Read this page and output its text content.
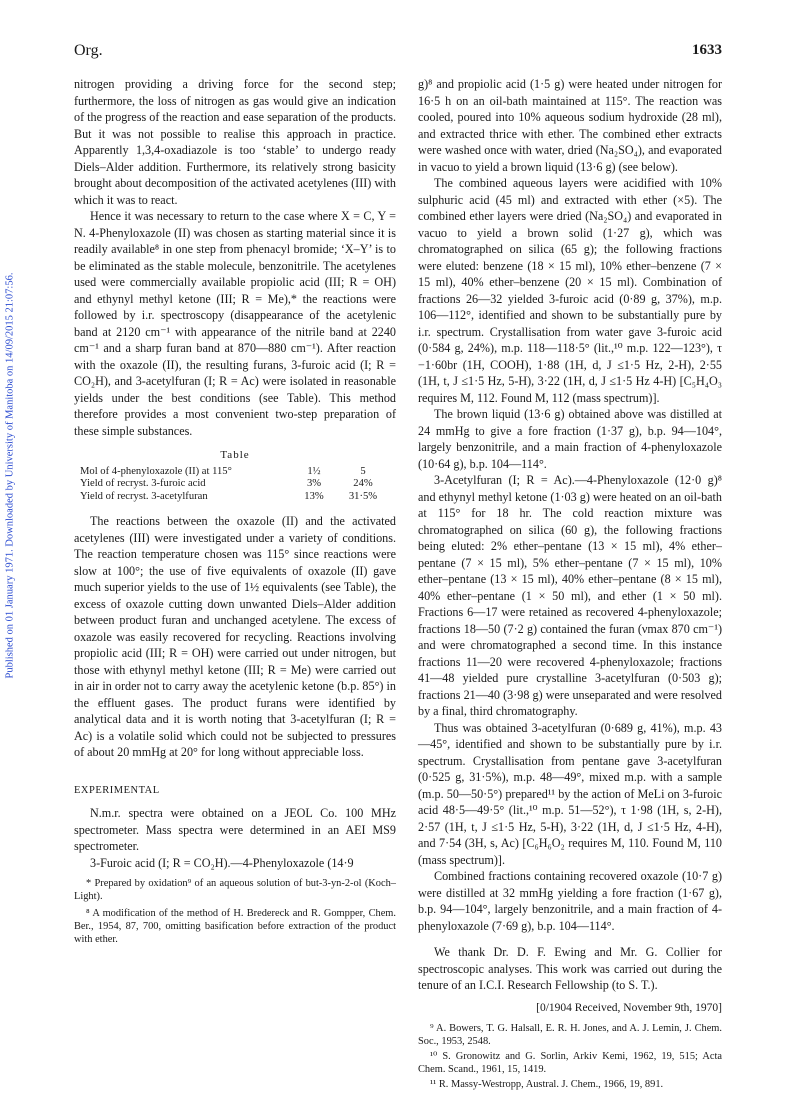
Org.	1633
Published on 01 January 1971. Downloaded by University of Manitoba on 14/09/2015 21:07:56.

nitrogen providing a driving force for the second step; furthermore, the loss of nitrogen as gas would give an indication of the progress of the reaction and ease separation of the products. But it was not possible to realise this approach in practice. Apparently 1,3,4-oxadiazole is too ‘stable’ to undergo ready Diels–Alder addition. Furthermore, its relatively strong basicity brought about decomposition of the activated acetylenes (III) with which it was to react.

Hence it was necessary to return to the case where X = C, Y = N. 4-Phenyloxazole (II) was chosen as starting material since it is readily available⁸ in one step from phenacyl bromide; ‘X–Y’ is to be eliminated as the stable molecule, benzonitrile. The acetylenes used were commercially available propiolic acid (III; R = OH) and ethynyl methyl ketone (III; R = Me),* the reactions were followed by i.r. spectroscopy (disappearance of the acetylenic band at 2120 cm⁻¹ with appearance of the nitrile band at 2240 cm⁻¹ and a sharp furan band at 870—880 cm⁻¹). After reaction with the oxazole (II), the resulting furans, 3-furoic acid (I; R = CO₂H), and 3-acetylfuran (I; R = Ac) were isolated in reasonable yields under the best conditions (see Table). This method therefore provides a most convenient two-step preparation of these simple substances.

Table
Mol of 4-phenyloxazole (II) at 115°	1½	5
Yield of recryst. 3-furoic acid	3%	24%
Yield of recryst. 3-acetylfuran	13%	31·5%

The reactions between the oxazole (II) and the activated acetylenes (III) were investigated under a variety of conditions. The reaction temperature chosen was 115° since reactions were slow at 100°; the use of five equivalents of oxazole (II) gave much superior yields to the use of 1½ equivalents (see Table), the excess of oxazole cutting down unwanted Diels–Alder addition between product furan and unchanged acetylene. The excess of oxazole was easily recovered for recycling. Reactions involving propiolic acid (III; R = OH) were carried out under nitrogen, but those with ethynyl methyl ketone (III; R = Me) were carried out in air in order not to carry away the acetylenic ketone (b.p. 85°) in the effluent gases. The product furans were identified by analytical data and it is worth noting that 3-acetylfuran (I; R = Ac) is a volatile solid which could not be subjected to pressures of about 20 mmHg at 20° for long without appreciable loss.

EXPERIMENTAL

N.m.r. spectra were obtained on a JEOL Co. 100 MHz spectrometer. Mass spectra were determined in an AEI MS9 spectrometer.

3-Furoic acid (I; R = CO₂H).—4-Phenyloxazole (14·9

* Prepared by oxidation⁹ of an aqueous solution of but-3-yn-2-ol (Koch–Light).

⁸ A modification of the method of H. Bredereck and R. Gompper, Chem. Ber., 1954, 87, 700, omitting basification before extraction of the product with ether.

g)⁸ and propiolic acid (1·5 g) were heated under nitrogen for 16·5 h on an oil-bath maintained at 115°. The reaction was cooled, poured into 10% aqueous sodium hydroxide (28 ml), and extracted thrice with ether. The combined ether extracts were washed once with water, dried (Na₂SO₄), and evaporated in vacuo to yield a brown liquid (13·6 g) (see below).

The combined aqueous layers were acidified with 10% sulphuric acid (45 ml) and extracted with ether (×5). The combined ether layers were dried (Na₂SO₄) and evaporated in vacuo to yield a brown solid (1·27 g), which was chromatographed on silica (65 g); the following fractions were eluted: benzene (18 × 15 ml), 10% ether–benzene (7 × 15 ml), 40% ether–benzene (20 × 15 ml). Combination of fractions 26—32 yielded 3-furoic acid (0·89 g, 37%), m.p. 106—112°, identified and shown to be substantially pure by i.r. spectrum. Crystallisation from water gave 3-furoic acid (0·584 g, 24%), m.p. 118—118·5° (lit.,¹⁰ m.p. 122—123°), τ −1·60br (1H, COOH), 1·88 (1H, d, J ≤1·5 Hz, 2-H), 2·55 (1H, t, J ≤1·5 Hz, 5-H), 3·22 (1H, d, J ≤1·5 Hz 4-H) [C₅H₄O₃ requires M, 112. Found M, 112 (mass spectrum)].

The brown liquid (13·6 g) obtained above was distilled at 24 mmHg to give a fore fraction (1·37 g), b.p. 94—104°, largely benzonitrile, and a main fraction of 4-phenyloxazole (10·64 g), b.p. 104—114°.

3-Acetylfuran (I; R = Ac).—4-Phenyloxazole (12·0 g)⁸ and ethynyl methyl ketone (1·03 g) were heated on an oil-bath at 115° for 18 hr. The cold reaction mixture was chromatographed on silica (60 g), the following fractions being eluted: 2% ether–pentane (13 × 15 ml), 4% ether–pentane (7 × 15 ml), 5% ether–pentane (7 × 15 ml), 10% ether–pentane (13 × 15 ml), 40% ether–pentane (8 × 15 ml), 40% ether–pentane (1 × 50 ml), and ether (1 × 50 ml). Fractions 6—17 were retained as recovered 4-phenyloxazole; fractions 18—50 (7·2 g) contained the furan (νmax 870 cm⁻¹) and were chromatographed a second time. In this instance fractions 11—20 were recovered 4-phenyloxazole; fractions 41—48 yielded pure crystalline 3-acetylfuran (0·503 g); fractions 21—40 (3·98 g) were unseparated and were resolved by a final, third chromatography.

Thus was obtained 3-acetylfuran (0·689 g, 41%), m.p. 43—45°, identified and shown to be substantially pure by i.r. spectrum. Crystallisation from pentane gave 3-acetylfuran (0·525 g, 31·5%), m.p. 48—49°, mixed m.p. with a sample (m.p. 50—50·5°) prepared¹¹ by the action of MeLi on 3-furoic acid 48·5—49·5° (lit.,¹⁰ m.p. 51—52°), τ 1·98 (1H, s, 2-H), 2·57 (1H, t, J ≤1·5 Hz, 5-H), 3·22 (1H, d, J ≤1·5 Hz, 4-H), and 7·54 (3H, s, Ac) [C₆H₆O₂ requires M, 110. Found M, 110 (mass spectrum)].

Combined fractions containing recovered oxazole (10·7 g) were distilled at 32 mmHg yielding a fore fraction (1·67 g), b.p. 94—104°, largely benzonitrile, and a main fraction of 4-phenyloxazole (7·69 g), b.p. 104—114°.

We thank Dr. D. F. Ewing and Mr. G. Collier for spectroscopic analyses. This work was carried out during the tenure of an I.C.I. Research Fellowship (to S. T.).

[0/1904 Received, November 9th, 1970]

⁹ A. Bowers, T. G. Halsall, E. R. H. Jones, and A. J. Lemin, J. Chem. Soc., 1953, 2548.

¹⁰ S. Gronowitz and G. Sorlin, Arkiv Kemi, 1962, 19, 515; Acta Chem. Scand., 1961, 15, 1419.

¹¹ R. Massy-Westropp, Austral. J. Chem., 1966, 19, 891.
